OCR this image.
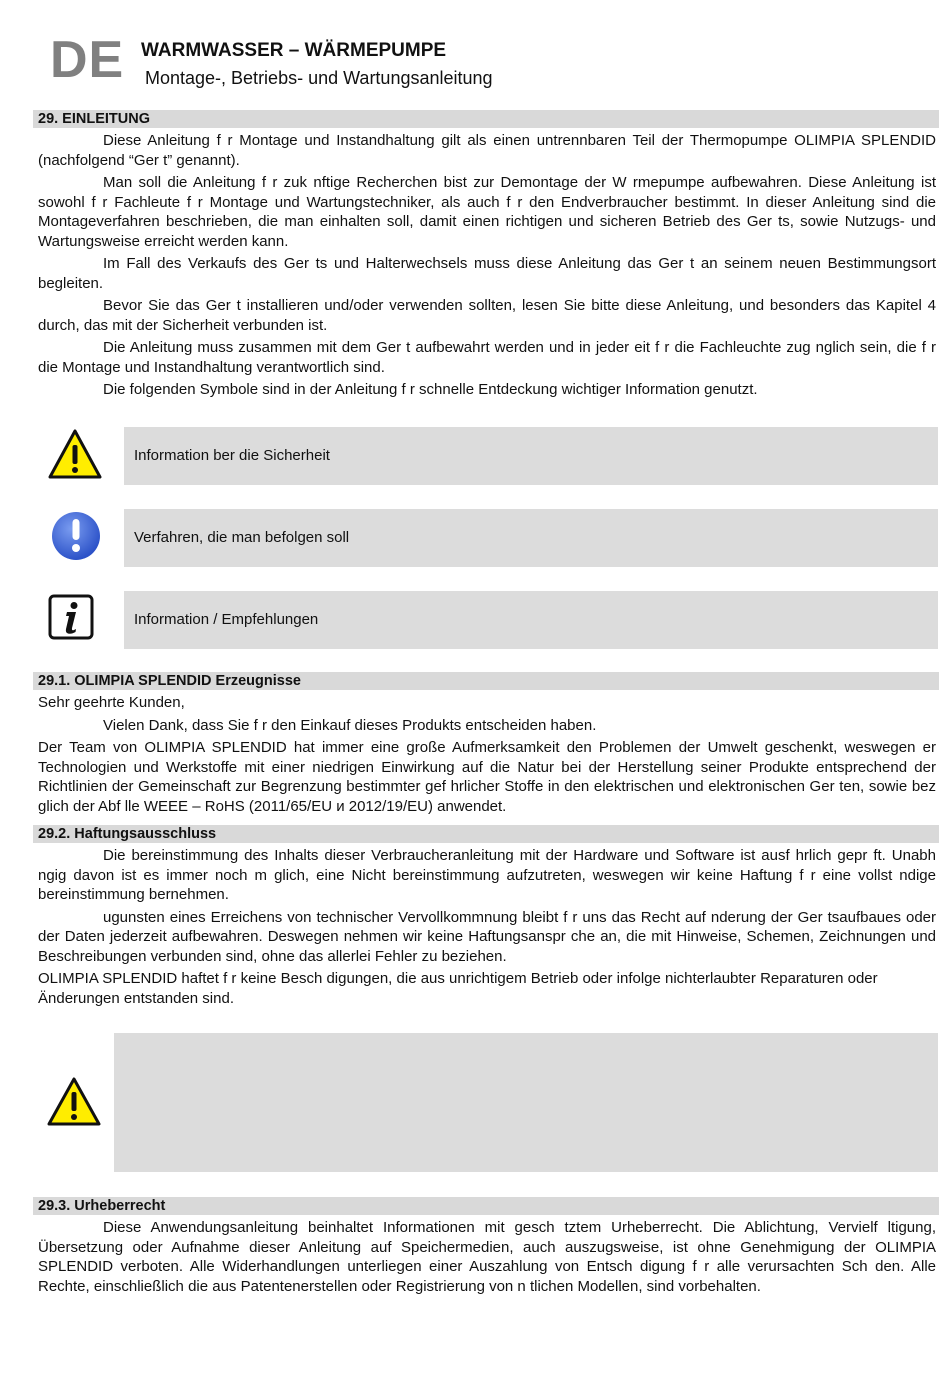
DE WARMWASSER – WÄRMEPUMPE
Montage-, Betriebs- und Wartungsanleitung
29. EINLEITUNG

Diese Anleitung f r Montage und Instandhaltung gilt als einen untrennbaren Teil der Thermopumpe OLIMPIA SPLENDID (nachfolgend “Ger t” genannt).

Man soll die Anleitung f r zuk nftige Recherchen bist zur Demontage der W rmepumpe aufbewahren. Diese Anleitung ist sowohl f r Fachleute f r Montage und Wartungstechniker, als auch f r den Endverbraucher bestimmt. In dieser Anleitung sind die Montageverfahren beschrieben, die man einhalten soll, damit einen richtigen und sicheren Betrieb des Ger ts, sowie Nutzugs- und Wartungsweise erreicht werden kann.

Im Fall des Verkaufs des Ger ts und Halterwechsels muss diese Anleitung das Ger t an seinem neuen Bestimmungsort begleiten.

Bevor Sie das Ger t installieren und/oder verwenden sollten, lesen Sie bitte diese Anleitung, und besonders das Kapitel 4 durch, das mit der Sicherheit verbunden ist.

Die Anleitung muss zusammen mit dem Ger t aufbewahrt werden und in jeder eit f r die Fachleuchte zug nglich sein, die f r die Montage und Instandhaltung verantwortlich sind.

Die folgenden Symbole sind in der Anleitung f r schnelle Entdeckung wichtiger Information genutzt.

Information ber die Sicherheit
Verfahren, die man befolgen soll
Information / Empfehlungen
29.1. OLIMPIA SPLENDID Erzeugnisse

Sehr geehrte Kunden,

Vielen Dank, dass Sie f r den Einkauf dieses Produkts entscheiden haben.

Der Team von OLIMPIA SPLENDID hat immer eine große Aufmerksamkeit den Problemen der Umwelt geschenkt, weswegen er Technologien und Werkstoffe mit einer niedrigen Einwirkung auf die Natur bei der Herstellung seiner Produkte entsprechend der Richtlinien der Gemeinschaft zur Begrenzung bestimmter gef hrlicher Stoffe in den elektrischen und elektronischen Ger ten, sowie bez glich der Abf lle WEEE – RoHS (2011/65/EU и 2012/19/EU) anwendet.

29.2. Haftungsausschluss

Die bereinstimmung des Inhalts dieser Verbraucheranleitung mit der Hardware und Software ist ausf hrlich gepr ft. Unabh ngig davon ist es immer noch m glich, eine Nicht bereinstimmung aufzutreten, weswegen wir keine Haftung f r eine vollst ndige bereinstimmung bernehmen.

ugunsten eines Erreichens von technischer Vervollkommnung bleibt f r uns das Recht auf nderung der Ger tsaufbaues oder der Daten jederzeit aufbewahren. Deswegen nehmen wir keine Haftungsanspr che an, die mit Hinweise, Schemen, Zeichnungen und Beschreibungen verbunden sind, ohne das allerlei Fehler zu beziehen.

OLIMPIA SPLENDID haftet f r keine Besch digungen, die aus unrichtigem Betrieb oder infolge nichterlaubter Reparaturen oder Änderungen entstanden sind.

29.3. Urheberrecht

Diese Anwendungsanleitung beinhaltet Informationen mit gesch tztem Urheberrecht. Die Ablichtung, Vervielf ltigung, Übersetzung oder Aufnahme dieser Anleitung auf Speichermedien, auch auszugsweise, ist ohne Genehmigung der OLIMPIA SPLENDID verboten. Alle Widerhandlungen unterliegen einer Auszahlung von Entsch digung f r alle verursachten Sch den. Alle Rechte, einschließlich die aus Patentenerstellen oder Registrierung von n tlichen Modellen, sind vorbehalten.
